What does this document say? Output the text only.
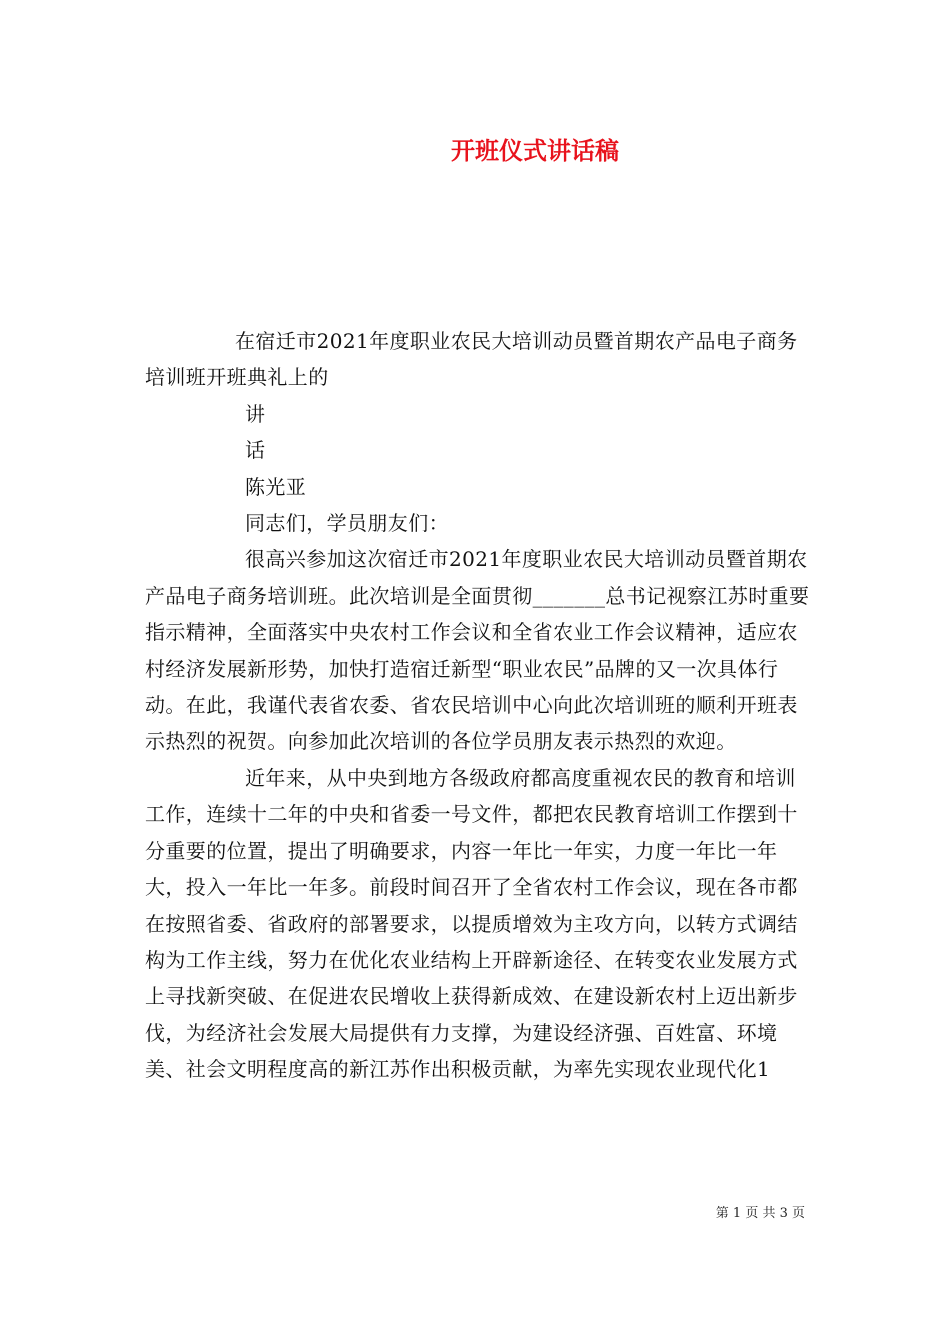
开班仪式讲话稿

在宿迁市2021年度职业农民大培训动员暨首期农产品电子商务培训班开班典礼上的

讲

话

陈光亚

同志们，学员朋友们：

很高兴参加这次宿迁市2021年度职业农民大培训动员暨首期农产品电子商务培训班。此次培训是全面贯彻_______总书记视察江苏时重要指示精神，全面落实中央农村工作会议和全省农业工作会议精神，适应农村经济发展新形势，加快打造宿迁新型“职业农民”品牌的又一次具体行动。在此，我谨代表省农委、省农民培训中心向此次培训班的顺利开班表示热烈的祝贺。向参加此次培训的各位学员朋友表示热烈的欢迎。

近年来，从中央到地方各级政府都高度重视农民的教育和培训工作，连续十二年的中央和省委一号文件，都把农民教育培训工作摆到十分重要的位置，提出了明确要求，内容一年比一年实，力度一年比一年大，投入一年比一年多。前段时间召开了全省农村工作会议，现在各市都在按照省委、省政府的部署要求，以提质增效为主攻方向，以转方式调结构为工作主线，努力在优化农业结构上开辟新途径、在转变农业发展方式上寻找新突破、在促进农民增收上获得新成效、在建设新农村上迈出新步伐，为经济社会发展大局提供有力支撑，为建设经济强、百姓富、环境美、社会文明程度高的新江苏作出积极贡献，为率先实现农业现代化1

第 1 页 共 3 页
